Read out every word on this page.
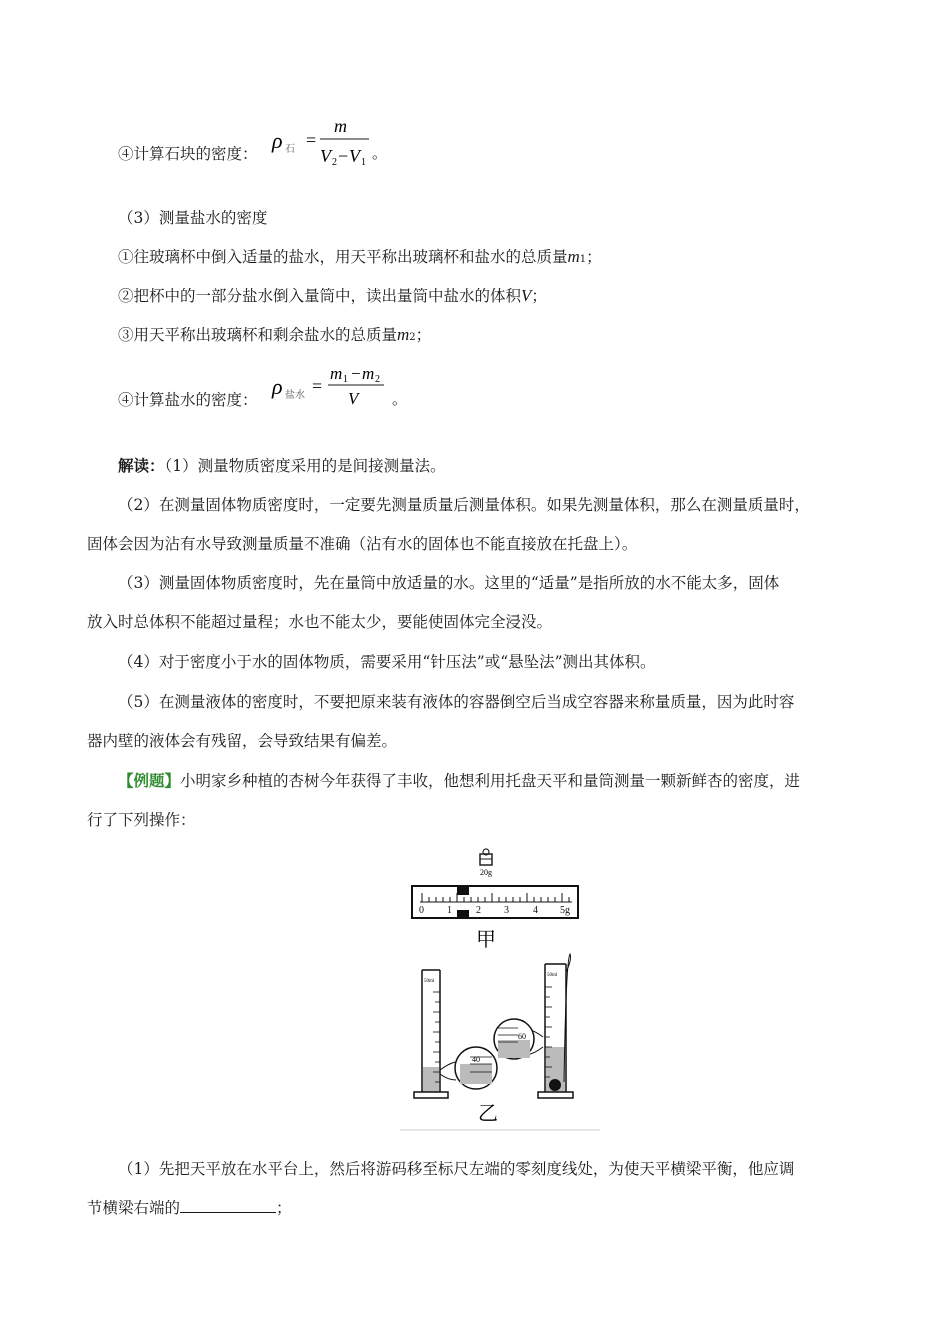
④计算石块的密度：
ρ 石 =
m
V 2 − V 1
。
（3）测量盐水的密度
①往玻璃杯中倒入适量的盐水，用天平称出玻璃杯和盐水的总质量m1；
②把杯中的一部分盐水倒入量筒中，读出量筒中盐水的体积V；
③用天平称出玻璃杯和剩余盐水的总质量m2；
④计算盐水的密度：
ρ 盐水 =
m 1 − m 2
V 。
解读：（1）测量物质密度采用的是间接测量法。
（2）在测量固体物质密度时，一定要先测量质量后测量体积。如果先测量体积，那么在测量质量时，
固体会因为沾有水导致测量质量不准确（沾有水的固体也不能直接放在托盘上）。
（3）测量固体物质密度时，先在量筒中放适量的水。这里的“适量”是指所放的水不能太多，固体
放入时总体积不能超过量程；水也不能太少，要能使固体完全浸没。
（4）对于密度小于水的固体物质，需要采用“针压法”或“悬坠法”测出其体积。
（5）在测量液体的密度时，不要把原来装有液体的容器倒空后当成空容器来称量质量，因为此时容
器内壁的液体会有残留，会导致结果有偏差。
【例题】小明家乡种植的杏树今年获得了丰收，他想利用托盘天平和量筒测量一颗新鲜杏的密度，进
行了下列操作：
20g
0 1 2 3 4 5g
甲
50ml
40
60
50ml
乙
（1）先把天平放在水平台上，然后将游码移至标尺左端的零刻度线处，为使天平横梁平衡，他应调
节横梁右端的	；
